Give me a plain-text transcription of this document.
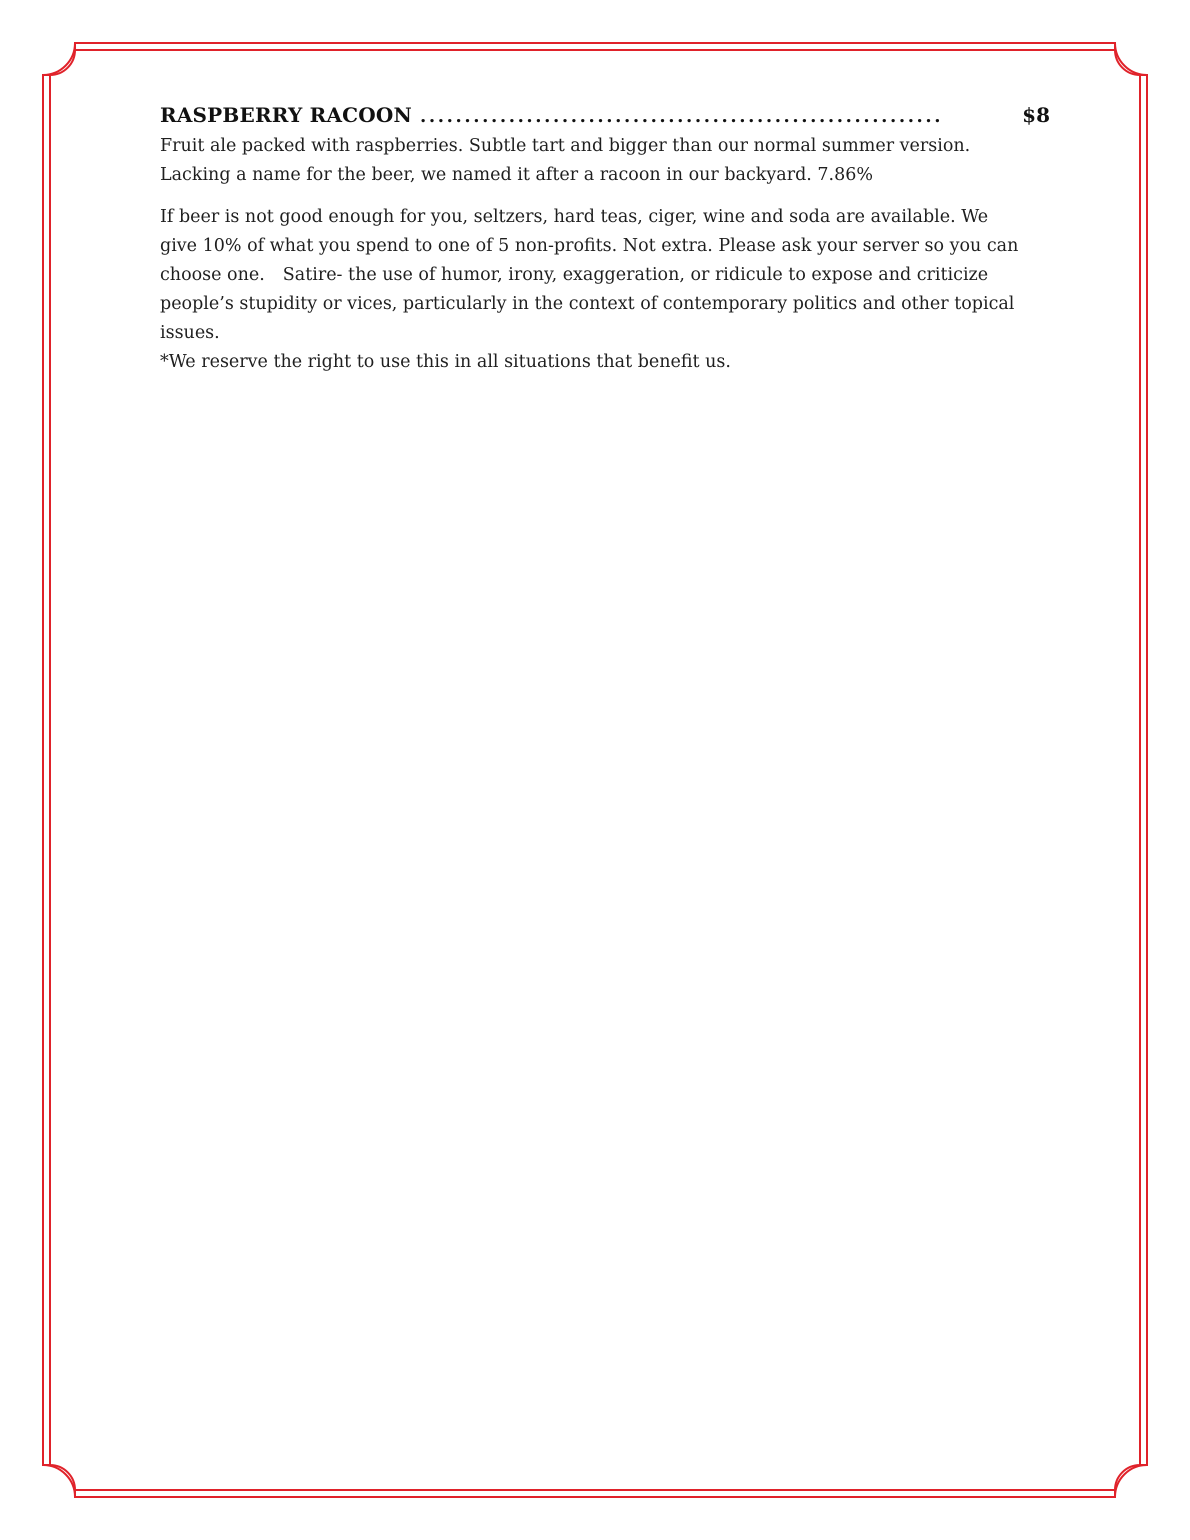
RASPBERRY RACOON ...........................................................	$8

Fruit ale packed with raspberries. Subtle tart and bigger than our normal summer version.
Lacking a name for the beer, we named it after a racoon in our backyard. 7.86%

If beer is not good enough for you, seltzers, hard teas, ciger, wine and soda are available. We give 10% of what you spend to one of 5 non-profits. Not extra. Please ask your server so you can choose one. Satire- the use of humor, irony, exaggeration, or ridicule to expose and criticize people’s stupidity or vices, particularly in the context of contemporary politics and other topical issues.
*We reserve the right to use this in all situations that benefit us.
